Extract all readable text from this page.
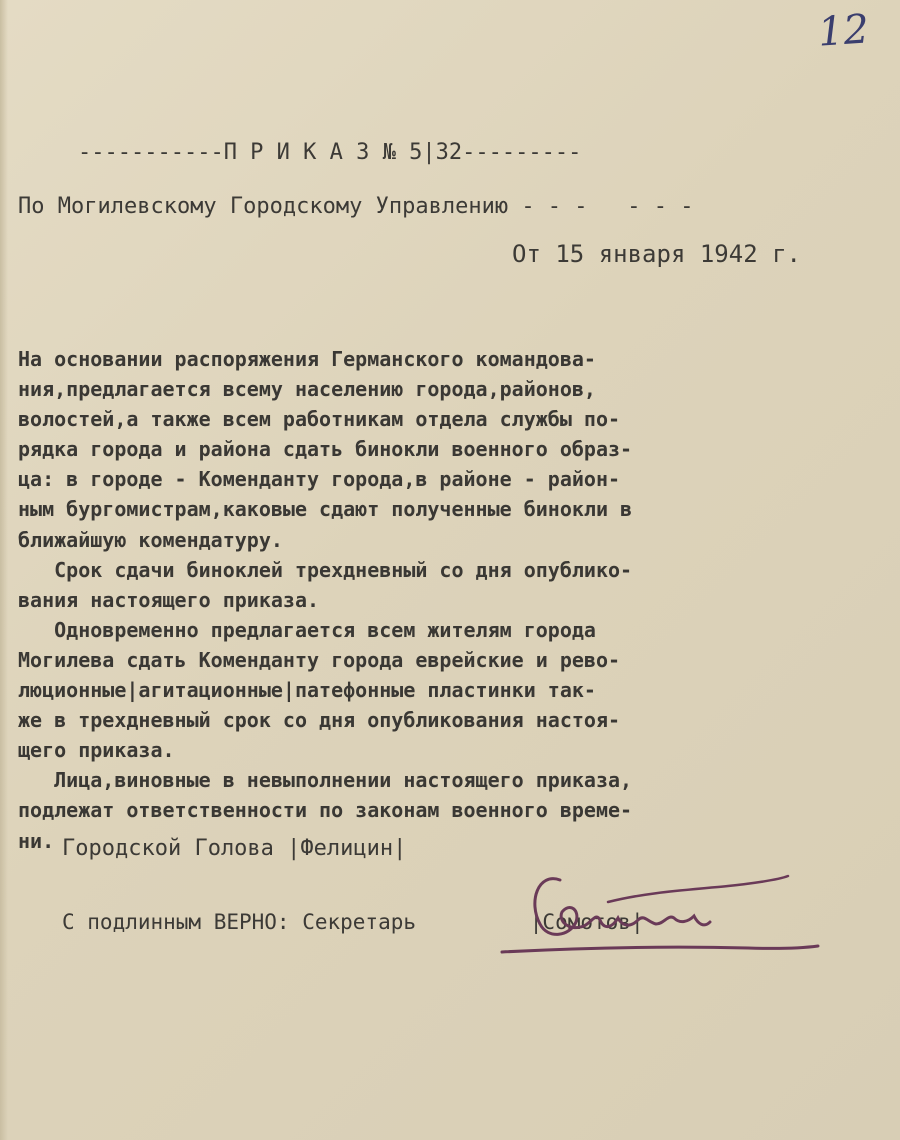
12
-----------П Р И К А З № 5|32---------
По Могилевскому Городскому Управлению - - -   - - -
От 15 января 1942 г.
На основании распоряжения Германского командова-
ния,предлагается всему населению города,районов,
волостей,а также всем работникам отдела службы по-
рядка города и района сдать бинокли военного образ-
ца: в городе - Коменданту города,в районе - район-
ным бургомистрам,каковые сдают полученные бинокли в
ближайшую комендатуру.
Срок сдачи биноклей трехдневный со дня опублико-
вания настоящего приказа.
Одновременно предлагается всем жителям города
Могилева сдать Коменданту города еврейские и рево-
люционные|агитационные|патефонные пластинки так-
же в трехдневный срок со дня опубликования настоя-
щего приказа.
Лица,виновные в невыполнении настоящего приказа,
подлежат ответственности по законам военного време-
ни. Городской Голова |Фелицин|
С подлинным ВЕРНО: Секретарь         |Сомотов|
